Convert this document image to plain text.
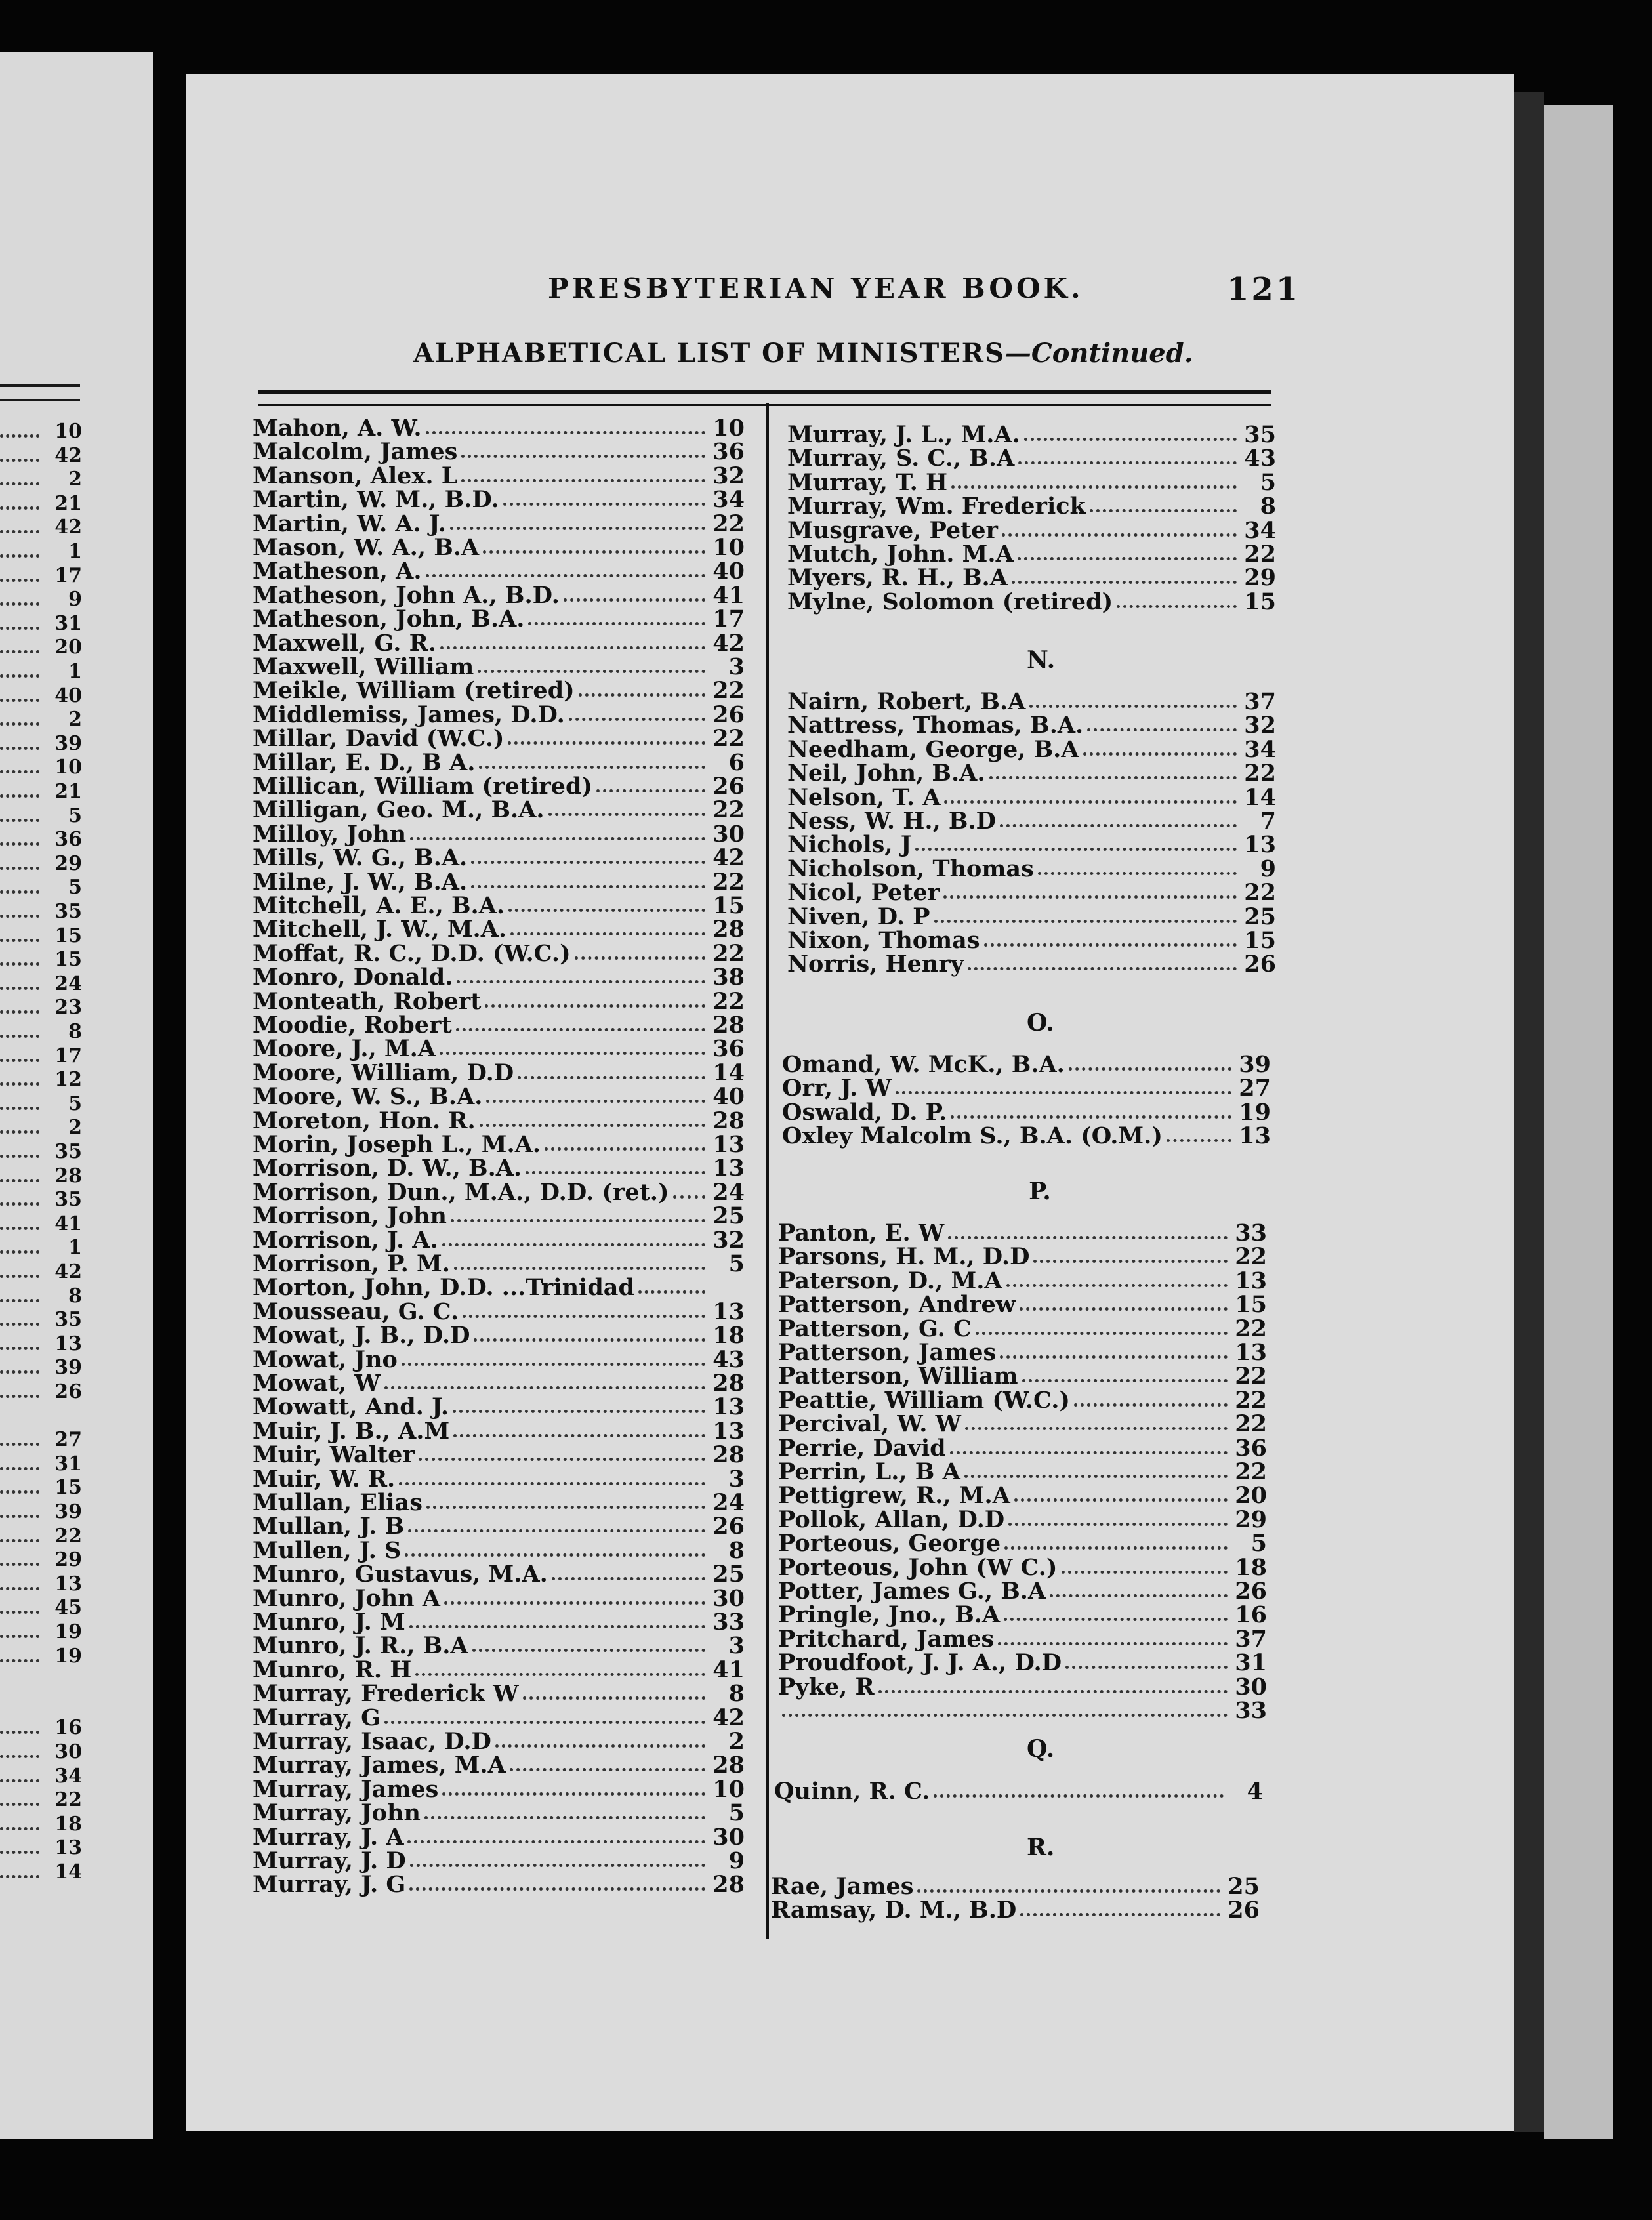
10
42
2
21
42
1
17
9
31
20
1
40
2
39
10
21
5
36
29
5
35
15
15
24
23
8
17
12
5
2
35
28
35
41
1
42
8
35
13
39
26
27
31
15
39
22
29
13
45
19
19
16
30
34
22
18
13
14
PRESBYTERIAN YEAR BOOK.	121
ALPHABETICAL LIST OF MINISTERS—Continued.
Mahon, A. W.	10
Malcolm, James	36
Manson, Alex. L	32
Martin, W. M., B.D.	34
Martin, W. A. J.	22
Mason, W. A., B.A	10
Matheson, A.	40
Matheson, John A., B.D.	41
Matheson, John, B.A.	17
Maxwell, G. R.	42
Maxwell, William	3
Meikle, William (retired)	22
Middlemiss, James, D.D.	26
Millar, David (W.C.)	22
Millar, E. D., B A.	6
Millican, William (retired)	26
Milligan, Geo. M., B.A.	22
Milloy, John	30
Mills, W. G., B.A.	42
Milne, J. W., B.A.	22
Mitchell, A. E., B.A.	15
Mitchell, J. W., M.A.	28
Moffat, R. C., D.D. (W.C.)	22
Monro, Donald.	38
Monteath, Robert	22
Moodie, Robert	28
Moore, J., M.A	36
Moore, William, D.D	14
Moore, W. S., B.A.	40
Moreton, Hon. R.	28
Morin, Joseph L., M.A.	13
Morrison, D. W., B.A.	13
Morrison, Dun., M.A., D.D. (ret.) 24
Morrison, John	25
Morrison, J. A.	32
Morrison, P. M.	5
Morton, John, D.D. ...Trinidad
Mousseau, G. C.	13
Mowat, J. B., D.D	18
Mowat, Jno	43
Mowat, W	28
Mowatt, And. J.	13
Muir, J. B., A.M	13
Muir, Walter	28
Muir, W. R.	3
Mullan, Elias	24
Mullan, J. B	26
Mullen, J. S	8
Munro, Gustavus, M.A.	25
Munro, John A	30
Munro, J. M	33
Munro, J. R., B.A	3
Munro, R. H	41
Murray, Frederick W	8
Murray, G	42
Murray, Isaac, D.D	2
Murray, James, M.A	28
Murray, James	10
Murray, John	5
Murray, J. A	30
Murray, J. D	9
Murray, J. G	28
Murray, J. L., M.A.	35
Murray, S. C., B.A	43
Murray, T. H	5
Murray, Wm. Frederick	8
Musgrave, Peter	34
Mutch, John. M.A	22
Myers, R. H., B.A	29
Mylne, Solomon (retired)	15
Nairn, Robert, B.A	37
Nattress, Thomas, B.A.	32
Needham, George, B.A	34
Neil, John, B.A.	22
Nelson, T. A	14
Ness, W. H., B.D	7
Nichols, J	13
Nicholson, Thomas	9
Nicol, Peter	22
Niven, D. P	25
Nixon, Thomas	15
Norris, Henry	26
Omand, W. McK., B.A.	39
Orr, J. W	27
Oswald, D. P.	19
Oxley Malcolm S., B.A. (O.M.)	13
Panton, E. W	33
Parsons, H. M., D.D	22
Paterson, D., M.A	13
Patterson, Andrew	15
Patterson, G. C	22
Patterson, James	13
Patterson, William	22
Peattie, William (W.C.)	22
Percival, W. W	22
Perrie, David	36
Perrin, L., B A	22
Pettigrew, R., M.A	20
Pollok, Allan, D.D	29
Porteous, George	5
Porteous, John (W C.)	18
Potter, James G., B.A	26
Pringle, Jno., B.A	16
Pritchard, James	37
Proudfoot, J. J. A., D.D	31
Pyke, R	30
33
Quinn, R. C.	4
Rae, James	25
Ramsay, D. M., B.D	26
N.
O.
P.
Q.
R.
